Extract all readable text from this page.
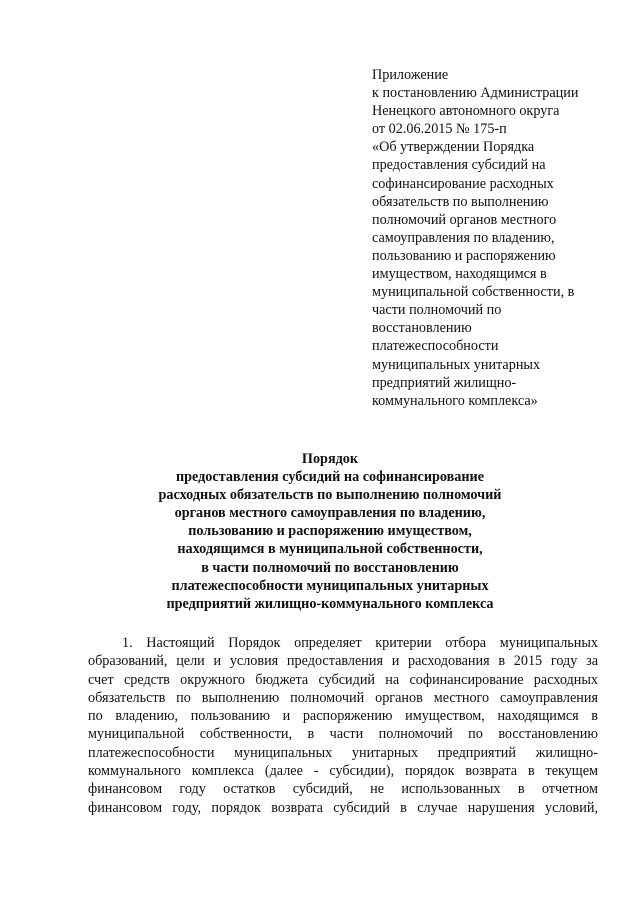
Приложение
к постановлению Администрации
Ненецкого автономного округа
от 02.06.2015 № 175-п
«Об утверждении Порядка
предоставления субсидий на
софинансирование расходных
обязательств по выполнению
полномочий органов местного
самоуправления по владению,
пользованию и распоряжению
имуществом, находящимся в
муниципальной собственности, в
части полномочий по
восстановлению
платежеспособности
муниципальных унитарных
предприятий жилищно-
коммунального комплекса»
Порядок
предоставления субсидий на софинансирование
расходных обязательств по выполнению полномочий
органов местного самоуправления по владению,
пользованию и распоряжению имуществом,
находящимся в муниципальной собственности,
в части полномочий по восстановлению
платежеспособности муниципальных унитарных
предприятий жилищно-коммунального комплекса
1. Настоящий Порядок определяет критерии отбора муниципальных
образований, цели и условия предоставления и расходования в 2015 году за
счет средств окружного бюджета субсидий на софинансирование расходных
обязательств по выполнению полномочий органов местного самоуправления
по владению, пользованию и распоряжению имуществом, находящимся в
муниципальной собственности, в части полномочий по восстановлению
платежеспособности муниципальных унитарных предприятий жилищно-
коммунального комплекса (далее - субсидии), порядок возврата в текущем
финансовом году остатков субсидий, не использованных в отчетном
финансовом году, порядок возврата субсидий в случае нарушения условий,
